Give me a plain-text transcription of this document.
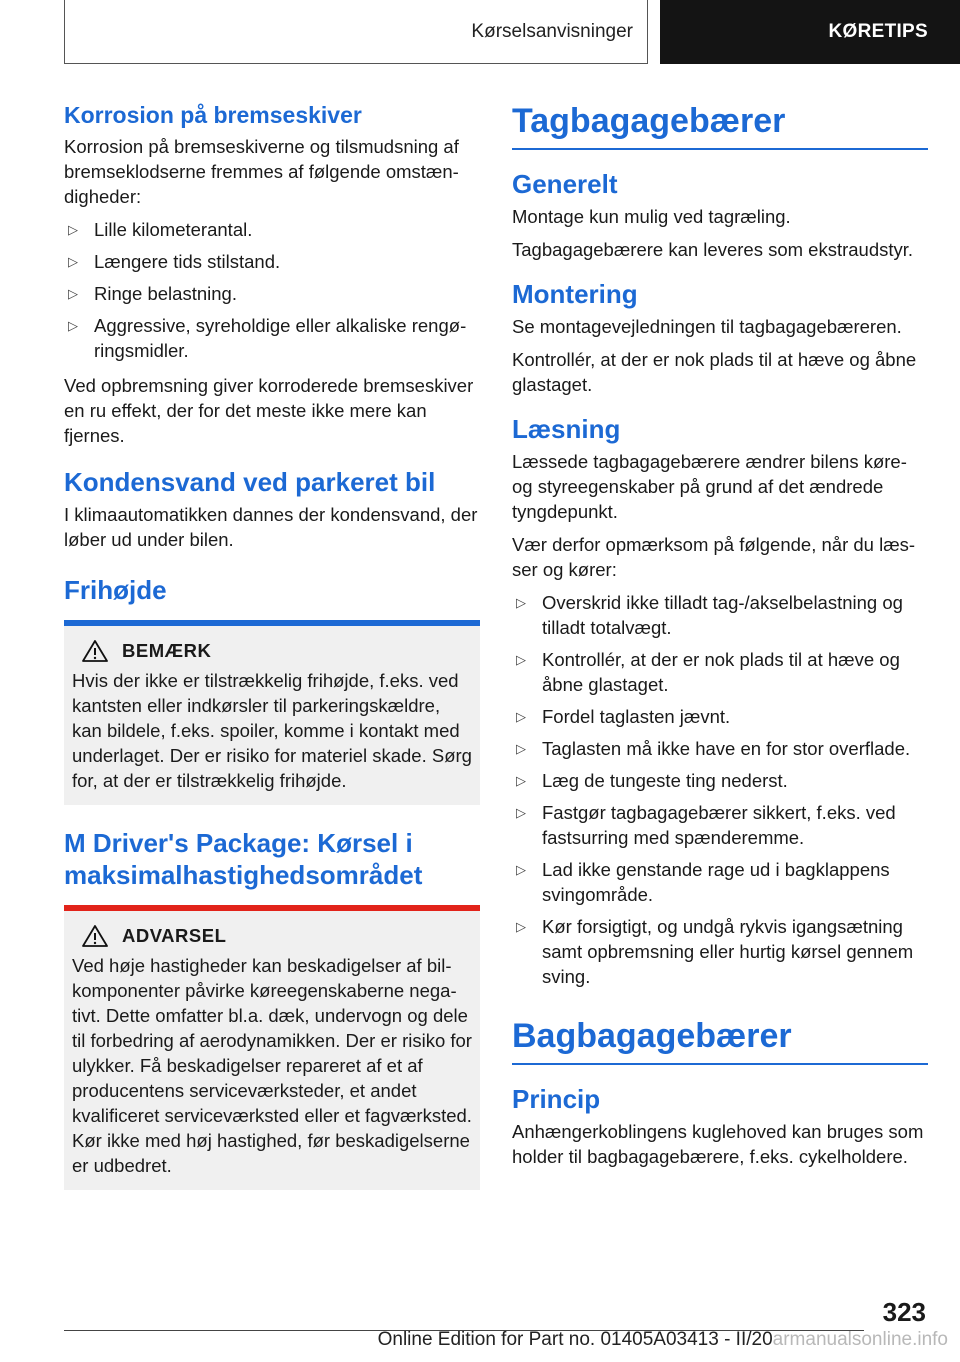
Kørselsanvisninger	KØRETIPS
Korrosion på bremseskiver

Korrosion på bremseskiverne og tilsmudsning af bremseklodserne fremmes af følgende omstændigheder:

▷ Lille kilometerantal.
▷ Længere tids stilstand.
▷ Ringe belastning.
▷ Aggressive, syreholdige eller alkaliske rengøringsmidler.

Ved opbremsning giver korroderede bremseskiver en ru effekt, der for det meste ikke mere kan fjernes.

Kondensvand ved parkeret bil

I klimaautomatikken dannes der kondensvand, der løber ud under bilen.

Frihøjde
BEMÆRK

Hvis der ikke er tilstrækkelig frihøjde, f.eks. ved kantsten eller indkørsler til parkeringskældre, kan bildele, f.eks. spoiler, komme i kontakt med underlaget. Der er risiko for materiel skade. Sørg for, at der er tilstrækkelig frihøjde.

M Driver's Package: Kørsel i maksimalhastighedsområdet
ADVARSEL

Ved høje hastigheder kan beskadigelser af bilkomponenter påvirke køreegenskaberne negativt. Dette omfatter bl.a. dæk, undervogn og dele til forbedring af aerodynamikken. Der er risiko for ulykker. Få beskadigelser repareret af et af producentens serviceværksteder, et andet kvalificeret serviceværksted eller et fagværksted. Kør ikke med høj hastighed, før beskadigelserne er udbedret.

Tagbagagebærer
Generelt

Montage kun mulig ved tagræling.

Tagbagagebærere kan leveres som ekstraudstyr.

Montering

Se montagevejledningen til tagbagagebæreren.

Kontrollér, at der er nok plads til at hæve og åbne glastaget.

Læsning

Læssede tagbagagebærere ændrer bilens køre- og styreegenskaber på grund af det ændrede tyngdepunkt.

Vær derfor opmærksom på følgende, når du læsser og kører:

▷ Overskrid ikke tilladt tag-/akselbelastning og tilladt totalvægt.
▷ Kontrollér, at der er nok plads til at hæve og åbne glastaget.
▷ Fordel taglasten jævnt.
▷ Taglasten må ikke have en for stor overflade.
▷ Læg de tungeste ting nederst.
▷ Fastgør tagbagagebærer sikkert, f.eks. ved fastsurring med spænderemme.
▷ Lad ikke genstande rage ud i bagklappens svingområde.
▷ Kør forsigtigt, og undgå rykvis igangsætning samt opbremsning eller hurtig kørsel gennem sving.
Bagbagagebærer
Princip

Anhængerkoblingens kuglehoved kan bruges som holder til bagbagagebærere, f.eks. cykelholdere.

323
Online Edition for Part no. 01405A03413 - II/20armanualsonline.info
